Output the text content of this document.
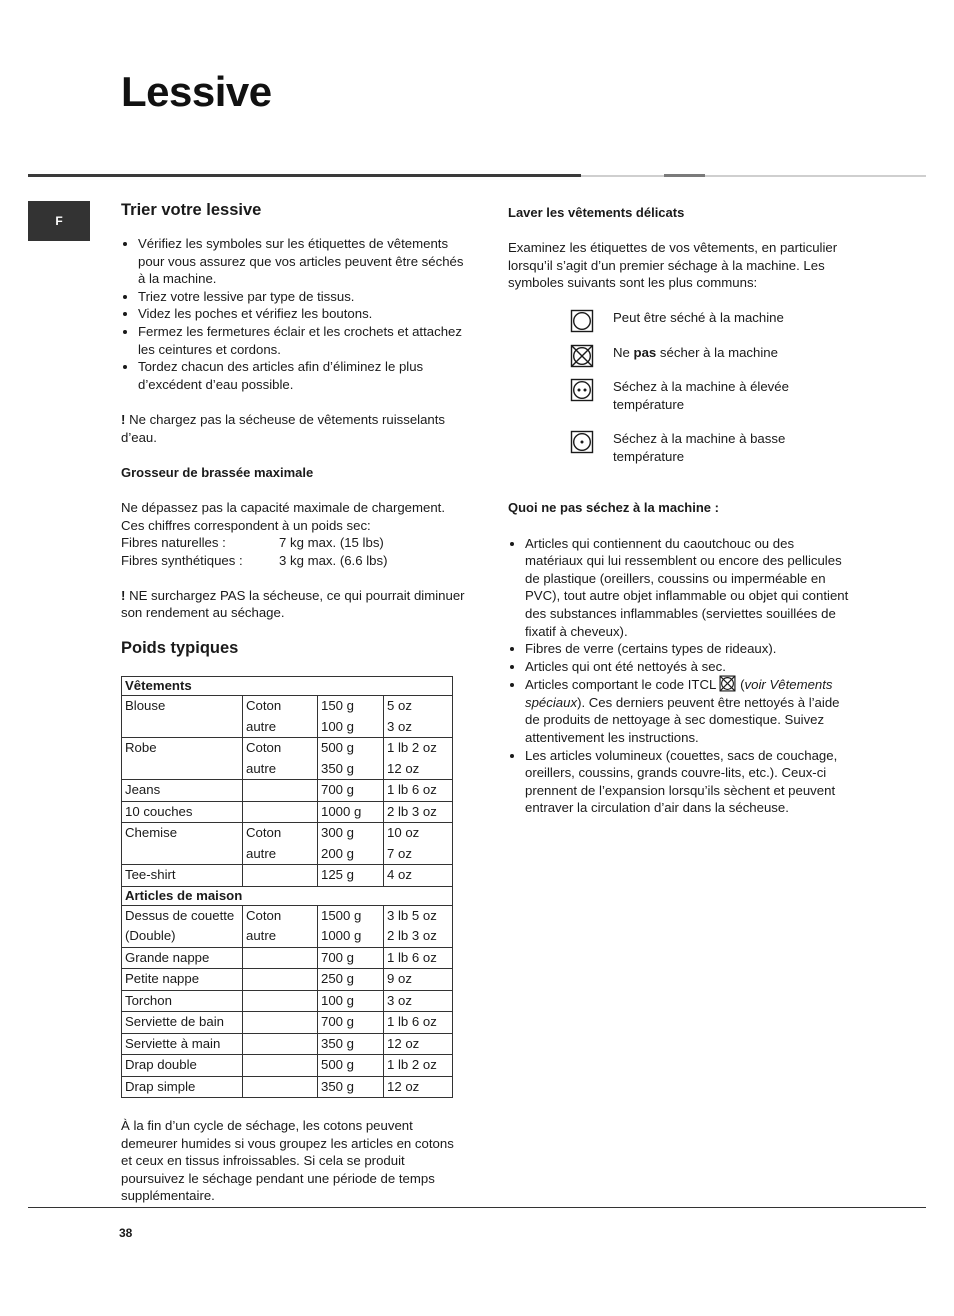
Lessive
F
Trier votre lessive
• Vérifiez les symboles sur les étiquettes de vêtements pour vous assurez que vos articles peuvent être séchés à la machine.
• Triez votre lessive par type de tissus.
• Videz les poches et vérifiez les boutons.
• Fermez les fermetures éclair et les crochets et attachez les ceintures et cordons.
• Tordez chacun des articles afin d’éliminez le plus d’excédent d’eau possible.

! Ne chargez pas la sécheuse de vêtements ruisselants d’eau.

Grosseur de brassée maximale

Ne dépassez pas la capacité maximale de chargement. Ces chiffres correspondent à un poids sec:

Fibres naturelles :	7 kg max. (15 lbs)
Fibres synthétiques :	3 kg max. (6.6 lbs)

! NE surchargez PAS la sécheuse, ce qui pourrait diminuer son rendement au séchage.

Poids typiques
Vêtements			
Blouse	Coton	150 g	5 oz
	autre	100 g	3 oz
Robe	Coton	500 g	1 lb 2 oz
	autre	350 g	12 oz
Jeans		700 g	1 lb 6 oz
10 couches		1000 g	2 lb 3 oz
Chemise	Coton	300 g	10 oz
	autre	200 g	7 oz
Tee-shirt		125 g	4 oz
Articles de maison			
Dessus de couette	Coton	1500 g	3 lb 5 oz
(Double)	autre	1000 g	2 lb 3 oz
Grande nappe		700 g	1 lb 6 oz
Petite nappe		250 g	9 oz
Torchon		100 g	3 oz
Serviette de bain		700 g	1 lb 6 oz
Serviette à main		350 g	12 oz
Drap double		500 g	1 lb 2 oz
Drap simple		350 g	12 oz

À la fin d’un cycle de séchage, les cotons peuvent demeurer humides si vous groupez les articles en cotons et ceux en tissus infroissables. Si cela se produit poursuivez le séchage pendant une période de temps supplémentaire.

Laver les vêtements délicats

Examinez les étiquettes de vos vêtements, en particulier lorsqu’il s’agit d’un premier séchage à la machine. Les symboles suivants sont les plus communs:

Peut être séché à la machine
Ne pas sécher à la machine
Séchez à la machine à élevée température
Séchez à la machine à basse température
Quoi ne pas séchez à la machine :
• Articles qui contiennent du caoutchouc ou des matériaux qui lui ressemblent ou encore des pellicules de plastique (oreillers, coussins ou imperméable en PVC), tout autre objet inflammable ou objet qui contient des substances inflammables (serviettes souillées de fixatif à cheveux).
• Fibres de verre (certains types de rideaux).
• Articles qui ont été nettoyés à sec.
• Articles comportant le code ITCL  (voir Vêtements spéciaux). Ces derniers peuvent être nettoyés à l’aide de produits de nettoyage à sec domestique. Suivez attentivement les instructions.
• Les articles volumineux (couettes, sacs de couchage, oreillers, coussins, grands couvre-lits, etc.). Ceux-ci prennent de l’expansion lorsqu’ils sèchent et peuvent entraver la circulation d’air dans la sécheuse.
38
